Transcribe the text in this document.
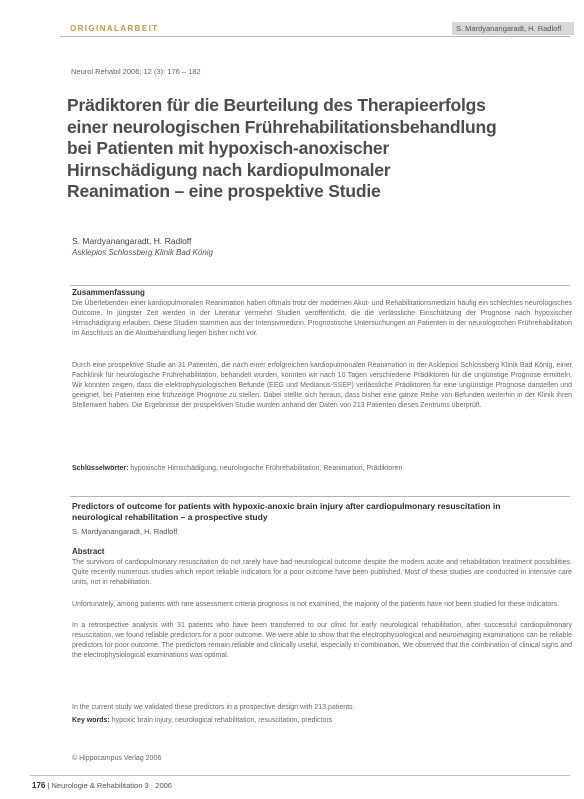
ORIGINALARBEIT	S. Mardyanangaradt, H. Radloff
Neurol Rehabil 2006; 12 (3): 176 – 182
Prädiktoren für die Beurteilung des Therapieerfolgs einer neurologischen Frührehabilitationsbehandlung bei Patienten mit hypoxisch-anoxischer Hirnschädigung nach kardiopulmonaler Reanimation – eine prospektive Studie
S. Mardyanangaradt, H. Radloff
Asklepios Schlossberg Klinik Bad König
Zusammenfassung

Die Überlebenden einer kardiopulmonalen Reanimation haben oftmals trotz der modernen Akut- und Rehabilitationsmedizin häufig ein schlechtes neurologisches Outcome. In jüngster Zeit werden in der Literatur vermehrt Studien veröffentlicht, die die verlässliche Einschätzung der Prognose nach hypoxischer Hirnschädigung erlauben. Diese Studien stammen aus der Intensivmedizin. Prognostische Untersuchungen an Patienten in der neurologischen Frührehabilitation im Anschluss an die Akutbehandlung liegen bisher nicht vor.

Durch eine prospektive Studie an 31 Patienten, die nach einer erfolgreichen kardiopulmonalen Reanimation in der Asklepios Schlossberg Klinik Bad König, einer Fachklinik für neurologische Frührehabilitation, behandelt wurden, konnten wir nach 10 Tagen verschiedene Prädiktoren für die ungünstige Prognose ermitteln. Wir konnten zeigen, dass die elektrophysiologischen Befunde (EEG und Medianus-SSEP) verlässliche Prädiktoren für eine ungünstige Prognose darstellen und geeignet, bei Patienten eine frühzeitige Prognose zu stellen. Dabei stellte sich heraus, dass bisher eine ganze Reihe von Befunden weiterhin in der Klinik ihren Stellenwert haben. Die Ergebnisse der prospektiven Studie wurden anhand der Daten von 213 Patienten dieses Zentrums überprüft.

Schlüsselwörter: hypoxische Hirnschädigung, neurologische Frührehabilitation, Reanimation, Prädiktoren

Predictors of outcome for patients with hypoxic-anoxic brain injury after cardiopulmonary resuscitation in neurological rehabilitation – a prospective study
S. Mardyanangaradt, H. Radloff
Abstract

The survivors of cardiopulmonary resuscitation do not rarely have bad neurological outcome despite the modern acute and rehabilitation treatment possibilities. Quite recently numerous studies which report reliable indicators for a poor outcome have been published. Most of these studies are conducted in intensive care units, not in rehabilitation.

Unfortunately, among patients with rare assessment criteria prognosis is not examined, the majority of the patients have not been studied for these indicators.

In a retrospective analysis with 31 patients who have been transferred to our clinic for early neurological rehabilitation, after successful cardiopulmonary resuscitation, we found reliable predictors for a poor outcome. We were able to show that the electrophysiological and neuroimaging examinations can be reliable predictors for poor outcome. The predictors remain reliable and clinically useful, especially in combination. We observed that the combination of clinical signs and the electrophysiological examinations was optimal.

In the current study we validated these predictors in a prospective design with 213 patients.

Key words: hypoxic brain injury, neurological rehabilitation, resuscitation, predictors

© Hippocampus Verlag 2006
176 | Neurologie & Rehabilitation 3 · 2006
